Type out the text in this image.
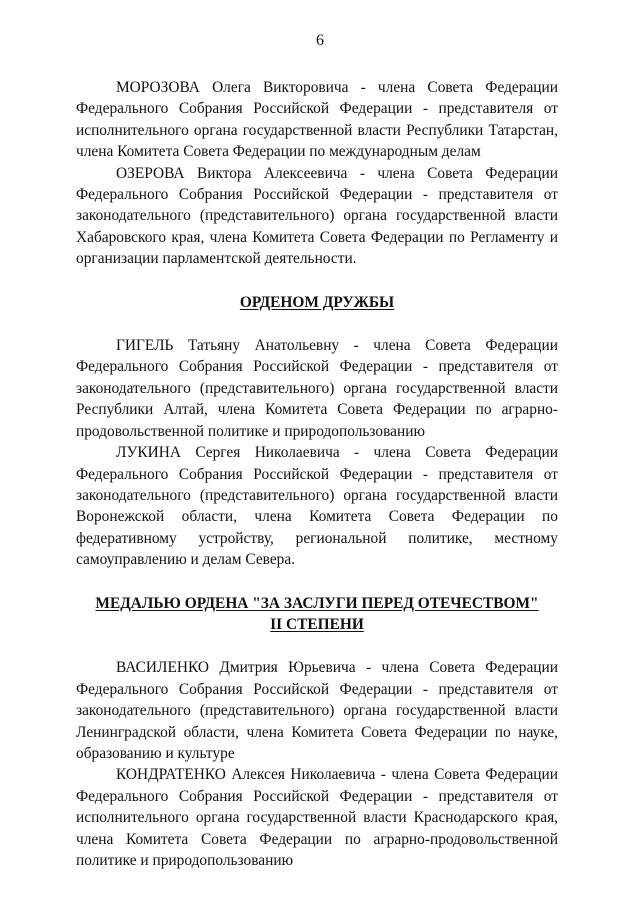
6

МОРОЗОВА Олега Викторовича - члена Совета Федерации Федерального Собрания Российской Федерации - представителя от исполнительного органа государственной власти Республики Татарстан, члена Комитета Совета Федерации по международным делам

ОЗЕРОВА Виктора Алексеевича - члена Совета Федерации Федерального Собрания Российской Федерации - представителя от законодательного (представительного) органа государственной власти Хабаровского края, члена Комитета Совета Федерации по Регламенту и организации парламентской деятельности.

ОРДЕНОМ ДРУЖБЫ

ГИГЕЛЬ Татьяну Анатольевну - члена Совета Федерации Федерального Собрания Российской Федерации - представителя от законодательного (представительного) органа государственной власти Республики Алтай, члена Комитета Совета Федерации по аграрно-продовольственной политике и природопользованию

ЛУКИНА Сергея Николаевича - члена Совета Федерации Федерального Собрания Российской Федерации - представителя от законодательного (представительного) органа государственной власти Воронежской области, члена Комитета Совета Федерации по федеративному устройству, региональной политике, местному самоуправлению и делам Севера.

МЕДАЛЬЮ ОРДЕНА "ЗА ЗАСЛУГИ ПЕРЕД ОТЕЧЕСТВОМ"
II СТЕПЕНИ

ВАСИЛЕНКО Дмитрия Юрьевича - члена Совета Федерации Федерального Собрания Российской Федерации - представителя от законодательного (представительного) органа государственной власти Ленинградской области, члена Комитета Совета Федерации по науке, образованию и культуре

КОНДРАТЕНКО Алексея Николаевича - члена Совета Федерации Федерального Собрания Российской Федерации - представителя от исполнительного органа государственной власти Краснодарского края, члена Комитета Совета Федерации по аграрно-продовольственной политике и природопользованию
